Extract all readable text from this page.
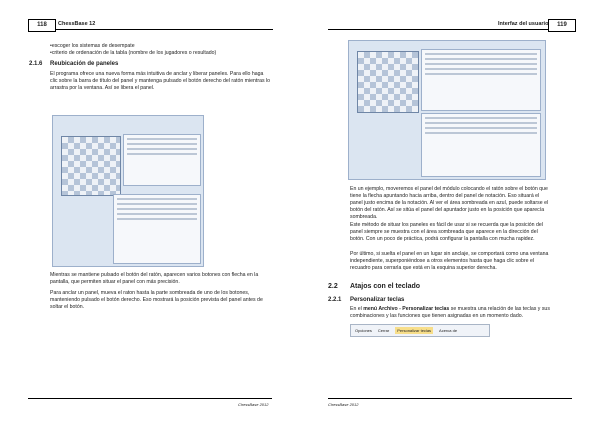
118	ChessBase 12

•escoger los sistemas de desempate

•criterio de ordenación de la tabla (nombre de los jugadores o resultado)

2.1.6 Reubicación de paneles

El programa ofrece una nueva forma más intuitiva de anclar y liberar paneles. Para ello haga clic sobre la barra de título del panel y mantenga pulsado el botón derecho del ratón mientras lo arrastra por la ventana. Así se libera el panel.

Mientras se mantiene pulsado el botón del ratón, aparecen varios botones con flecha en la pantalla, que permiten situar el panel con más precisión.

Para anclar un panel, mueva el raton hasta la parte sombreada de uno de los botones, manteniendo pulsado el botón derecho. Eso mostrará la posición prevista del panel antes de soltar el botón.

ChessBase 2012
Interfaz del usuario	119

En un ejemplo, moveremos el panel del módulo colocando el ratón sobre el botón que tiene la flecha apuntando hacia arriba, dentro del panel de notación. Eso situará el panel justo encima de la notación. Al ver el área sombreada en azul, puede soltarse el botón del ratón. Así se sitúa el panel del apuntador justo en la posición que aparecía sombreada.

Este método de situar los paneles es fácil de usar si se recuerda que la posición del panel siempre se muestra con el área sombreada que aparece en la dirección del botón. Con un poco de práctica, podrá configurar la pantalla con mucha rapidez.

Por último, si suelta el panel en un lugar sin anclaje, se comportará como una ventana independiente, superponiéndose a otros elementos hasta que haga clic sobre el recuadro para cerrarla que está en la esquina superior derecha.

2.2 Atajos con el teclado
2.2.1 Personalizar teclas

En el menú Archivo - Personalizar teclas se muestra una relación de las teclas y sus combinaciones y las funciones que tienen asignadas en un momento dado.

Opciones Cerrar	Personalizar teclas	Acerca de
ChessBase 2012
